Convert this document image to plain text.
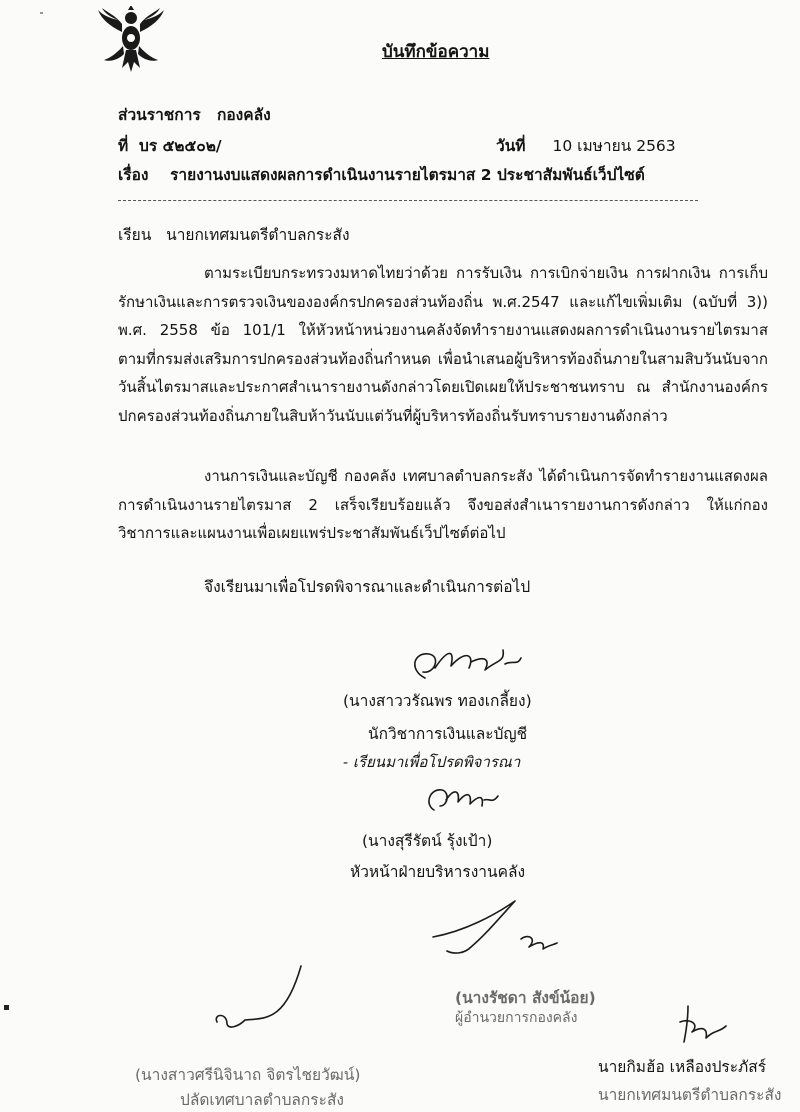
บันทึกข้อความ
ส่วนราชการ กองคลัง
ที่ บร ๕๒๕๐๒/	วันที่ 10 เมษายน 2563
เรื่อง รายงานงบแสดงผลการดำเนินงานรายไตรมาส 2 ประชาสัมพันธ์เว็ปไซต์
เรียน นายกเทศมนตรีตำบลกระสัง

ตามระเบียบกระทรวงมหาดไทยว่าด้วย การรับเงิน การเบิกจ่ายเงิน การฝากเงิน การเก็บรักษาเงินและการตรวจเงินขององค์กรปกครองส่วนท้องถิ่น พ.ศ.2547 และแก้ไขเพิ่มเติม (ฉบับที่ 3)) พ.ศ. 2558 ข้อ 101/1 ให้หัวหน้าหน่วยงานคลังจัดทำรายงานแสดงผลการดำเนินงานรายไตรมาส ตามที่กรมส่งเสริมการปกครองส่วนท้องถิ่นกำหนด เพื่อนำเสนอผู้บริหารท้องถิ่นภายในสามสิบวันนับจากวันสิ้นไตรมาสและประกาศสำเนารายงานดังกล่าวโดยเปิดเผยให้ประชาชนทราบ ณ สำนักงานองค์กรปกครองส่วนท้องถิ่นภายในสิบห้าวันนับแต่วันที่ผู้บริหารท้องถิ่นรับทราบรายงานดังกล่าว

งานการเงินและบัญชี กองคลัง เทศบาลตำบลกระสัง ได้ดำเนินการจัดทำรายงานแสดงผลการดำเนินงานรายไตรมาส 2 เสร็จเรียบร้อยแล้ว จึงขอส่งสำเนารายงานการดังกล่าว ให้แก่กองวิชาการและแผนงานเพื่อเผยแพร่ประชาสัมพันธ์เว็ปไซต์ต่อไป

จึงเรียนมาเพื่อโปรดพิจารณาและดำเนินการต่อไป
(นางสาววรัณพร ทองเกลี้ยง)
นักวิชาการเงินและบัญชี
- เรียนมาเพื่อโปรดพิจารณา
(นางสุรีรัตน์ รุ้งเป้า)
หัวหน้าฝ่ายบริหารงานคลัง
(นางรัชดา สังข์น้อย)
ผู้อำนวยการกองคลัง
(นางสาวศรีนิจินาถ จิตรไชยวัฒน์)
ปลัดเทศบาลตำบลกระสัง
นายกิมฮ้อ เหลืองประภัสร์
นายกเทศมนตรีตำบลกระสัง
